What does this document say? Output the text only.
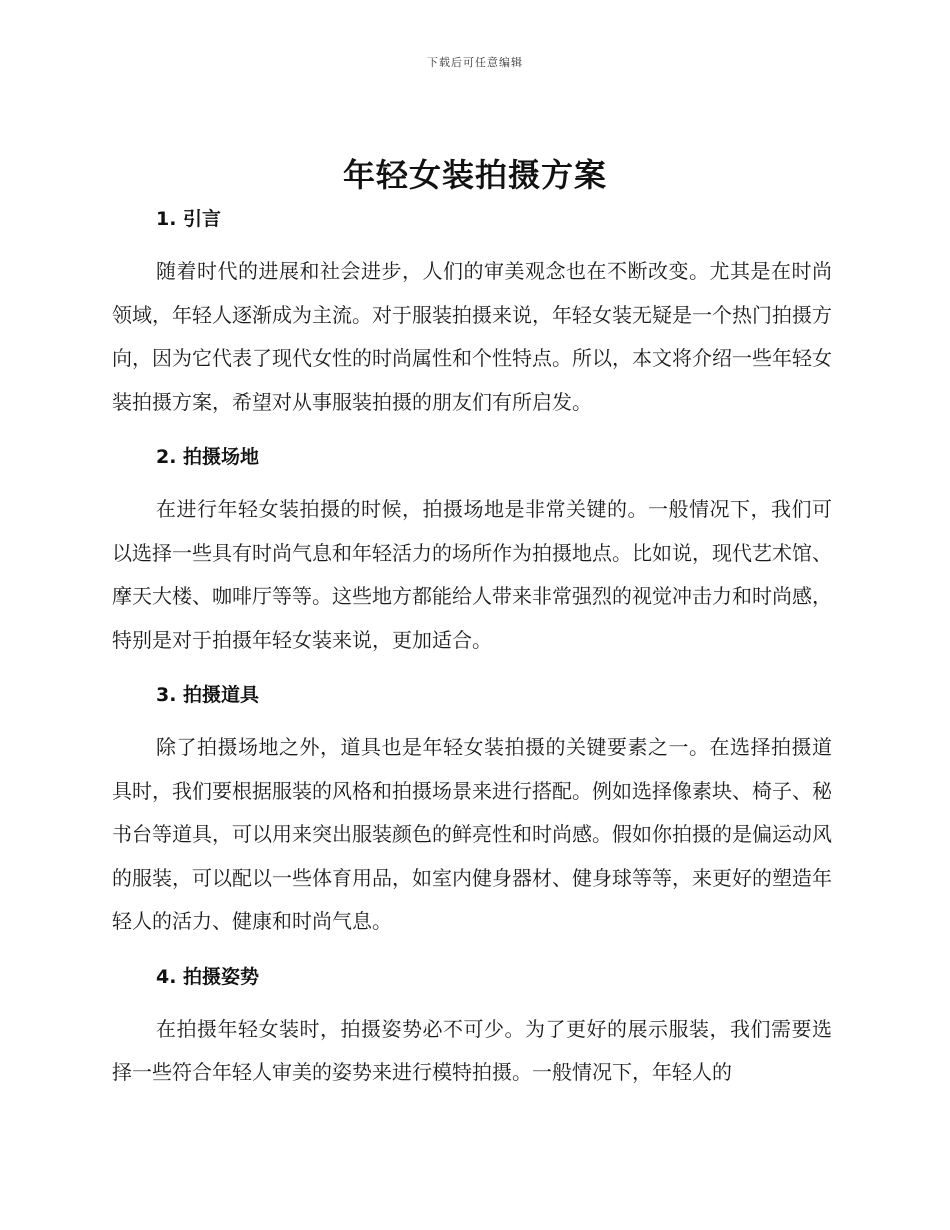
下载后可任意编辑
年轻女装拍摄方案
1. 引言

随着时代的进展和社会进步，人们的审美观念也在不断改变。尤其是在时尚领域，年轻人逐渐成为主流。对于服装拍摄来说，年轻女装无疑是一个热门拍摄方向，因为它代表了现代女性的时尚属性和个性特点。所以，本文将介绍一些年轻女装拍摄方案，希望对从事服装拍摄的朋友们有所启发。

2. 拍摄场地

在进行年轻女装拍摄的时候，拍摄场地是非常关键的。一般情况下，我们可以选择一些具有时尚气息和年轻活力的场所作为拍摄地点。比如说，现代艺术馆、摩天大楼、咖啡厅等等。这些地方都能给人带来非常强烈的视觉冲击力和时尚感，特别是对于拍摄年轻女装来说，更加适合。

3. 拍摄道具

除了拍摄场地之外，道具也是年轻女装拍摄的关键要素之一。在选择拍摄道具时，我们要根据服装的风格和拍摄场景来进行搭配。例如选择像素块、椅子、秘书台等道具，可以用来突出服装颜色的鲜亮性和时尚感。假如你拍摄的是偏运动风的服装，可以配以一些体育用品，如室内健身器材、健身球等等，来更好的塑造年轻人的活力、健康和时尚气息。

4. 拍摄姿势

在拍摄年轻女装时，拍摄姿势必不可少。为了更好的展示服装，我们需要选择一些符合年轻人审美的姿势来进行模特拍摄。一般情况下，年轻人的
